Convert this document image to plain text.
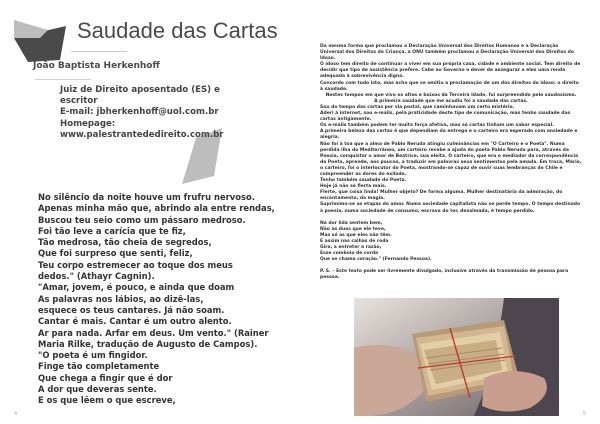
Saudade das Cartas
João Baptista Herkenhoff
Juiz de Direito aposentado (ES) e
escritor
E-mail: jbherkenhoff@uol.com.br
Homepage:
www.palestrantededireito.com.br
No silêncio da noite houve um frufru nervoso.
Apenas minha mão que, abrindo ala entre rendas,
Buscou teu seio como um pássaro medroso.
Foi tão leve a carícia que te fiz,
Tão medrosa, tão cheia de segredos,
Que foi surpreso que senti, feliz,
Teu corpo estremecer ao toque dos meus
dedos." (Athayr Cagnin).
"Amar, jovem, é pouco, e ainda que doam
As palavras nos lábios, ao dizê-las,
esquece os teus cantares. Já não soam.
Cantar é mais. Cantar é um outro alento.
Ar para nada. Arfar em deus. Um vento." (Rainer
Maria Rilke, tradução de Augusto de Campos).
"O poeta é um fingidor.
Finge tão completamente
Que chega a fingir que é dor
A dor que deveras sente.
E os que lêem o que escreve,
4

Da mesma forma que proclamou a Declaração Universal dos Direitos Humanos e a Declaração Universal dos Direitos da Criança, a ONU também proclamou a Declaração Universal dos Direitos do Idoso.

O idoso tem direito de continuar a viver em sua própria casa, cidade e ambiente social. Tem direito de decidir que tipo de assistência prefere. Cabe ao Governo o dever de assegurar a eles uma renda adequada à sobrevivência digna.

Concordo com tudo isto, mas acho que se omitiu a proclamação de um dos direitos do idoso: o direito à saudade.

Nestes tempos em que vivo os altos e baixos da Terceira Idade, fui surpreendido pelo saudosismo.

A primeira saudade que me acudiu foi a saudade das cartas.

Sou do tempo das cartas por via postal, que caminhavam um certo mistério.

Aderi à internet, sou e-mails, pela praticidade deste tipo de comunicação, mas tenho saudade das cartas antigamente.

Os e-mails também podem ter muita força afetiva, mas só cartas tinham um sabor especial.

A primeira beleza das cartas é que dependiam da entrega e o carteiro era esperado com ansiedade e alegria.

Não foi à toa que a alma de Pablo Neruda atingiu culminâncias em "O Carteiro e o Poeta". Numa perdida ilha do Mediterrâneo, um carteiro recebe a ajuda do poeta Pablo Neruda para, através da Poesia, conquistar o amor de Beatrice, sua eleita. O carteiro, que era o mediador da correspondência do Poeta, aprende, aos poucos, a traduzir em palavras seus sentimentos pela amada. Em troca, Mário, o carteiro, foi o interlocutor do Poeta, mostrando-se capaz de ouvir suas lembranças do Chile e compreender as dores do exilado.

Tenho também saudade do Poeta.

Hoje já não se flerta mais.

Flerte, que coisa linda! Mulher objeto? De forma alguma. Mulher destinatária da admiração, do encantamento, da magia.

Suprimimo-se as etapas do amor. Numa sociedade capitalista não se perde tempo. O tempo destinado à poesia, numa sociedade de consumo, escrava do ter, desalmada, é tempo perdido.

Na dor lida sentem bem,
Não as duas que ele teve,
Mas só as que eles não têm.
E assim nas calhas de roda
Gira, a entreter a razão,
Esse comboio de corda
Que se chama coração." (Fernando Pessoa).

P. S. – Este texto pode ser livremente divulgado, inclusive através da transmissão de pessoa para pessoa.

5
